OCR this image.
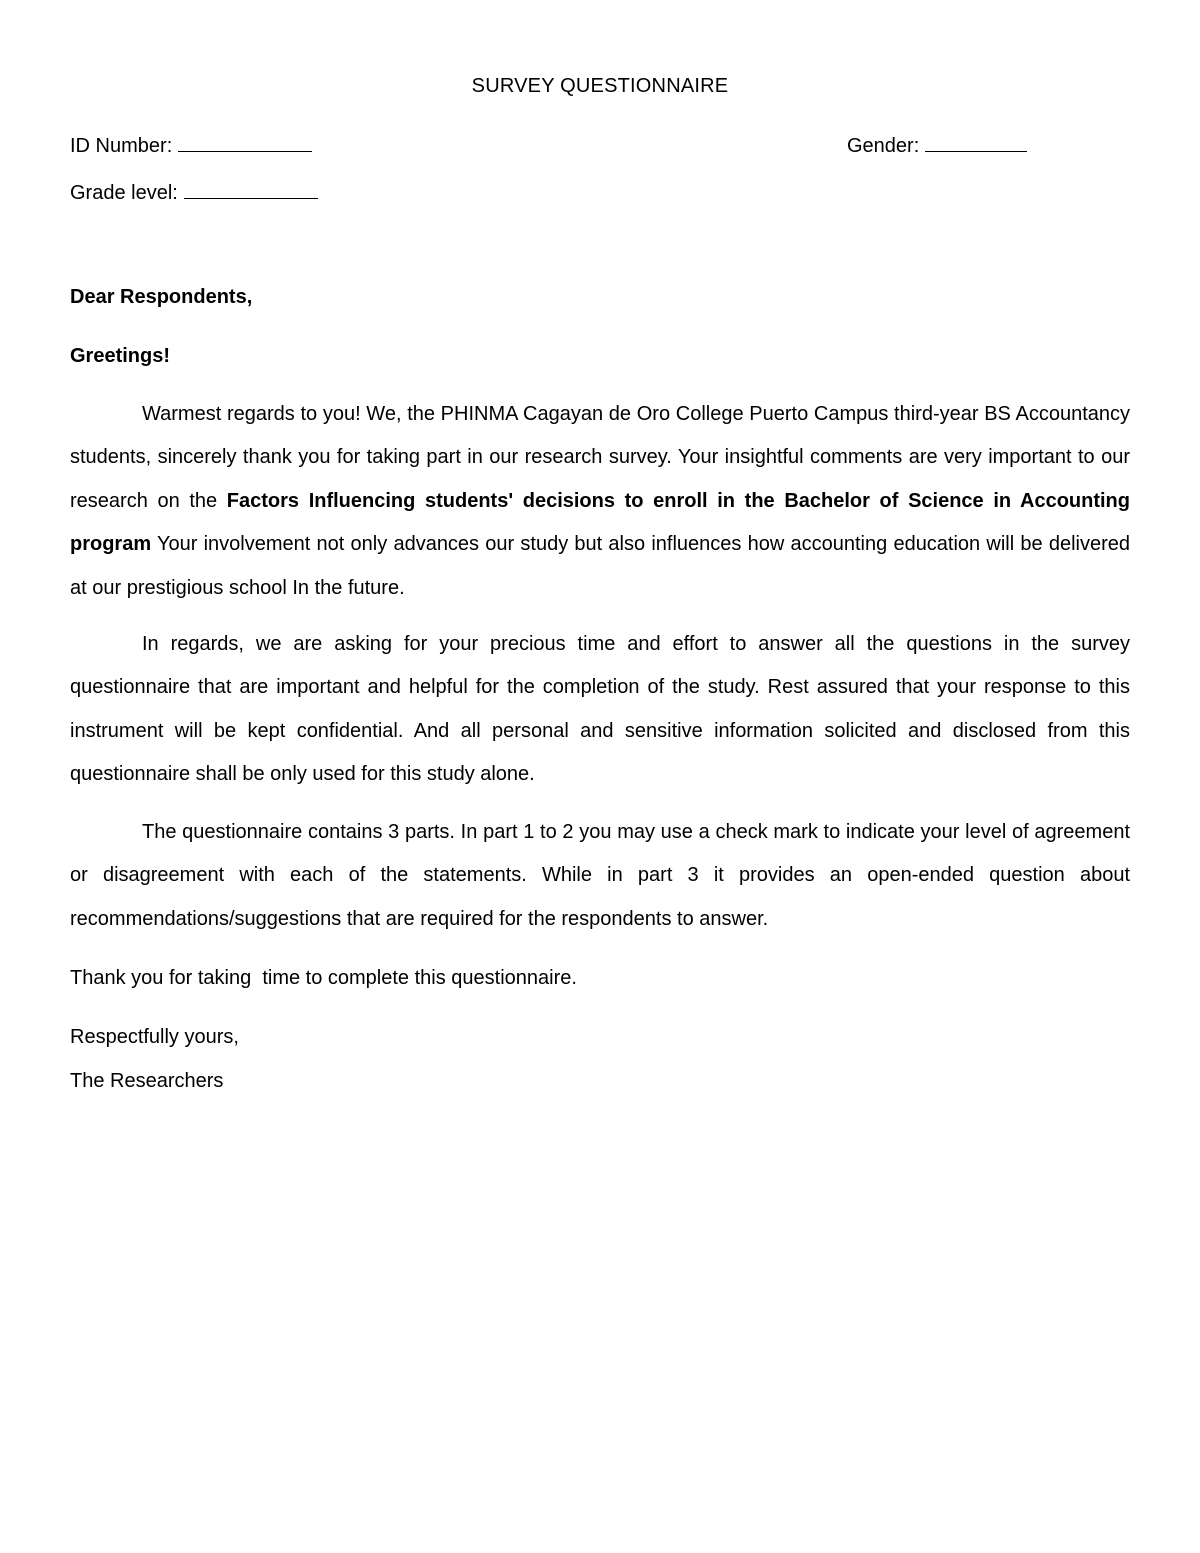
SURVEY QUESTIONNAIRE
ID Number:	Gender:
Grade level:
Dear Respondents,
Greetings!

Warmest regards to you! We, the PHINMA Cagayan de Oro College Puerto Campus third-year BS Accountancy students, sincerely thank you for taking part in our research survey. Your insightful comments are very important to our research on the Factors Influencing students' decisions to enroll in the Bachelor of Science in Accounting program Your involvement not only advances our study but also influences how accounting education will be delivered at our prestigious school In the future.

In regards, we are asking for your precious time and effort to answer all the questions in the survey questionnaire that are important and helpful for the completion of the study. Rest assured that your response to this instrument will be kept confidential. And all personal and sensitive information solicited and disclosed from this questionnaire shall be only used for this study alone.

The questionnaire contains 3 parts. In part 1 to 2 you may use a check mark to indicate your level of agreement or disagreement with each of the statements. While in part 3 it provides an open-ended question about recommendations/suggestions that are required for the respondents to answer.

Thank you for taking  time to complete this questionnaire.
Respectfully yours,
The Researchers
